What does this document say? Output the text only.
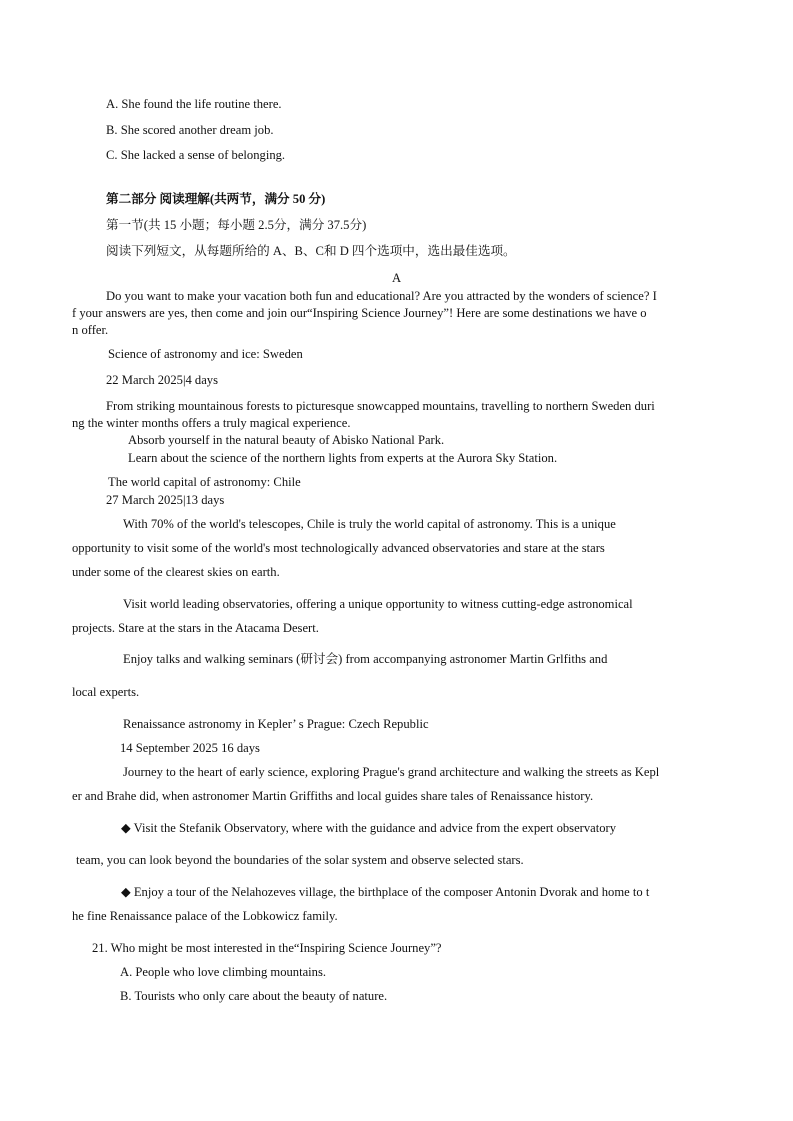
A. She found the life routine there.
B. She scored another dream job.
C. She lacked a sense of belonging.
第二部分 阅读理解(共两节，满分 50 分)
第一节(共 15 小题；每小题 2.5分，满分 37.5分)
阅读下列短文，从每题所给的 A、B、C和 D 四个选项中，选出最佳选项。
A
Do you want to make your vacation both fun and educational? Are you attracted by the wonders of science? I
f your answers are yes, then come and join our“Inspiring Science Journey”! Here are some destinations we have o
n offer.
Science of astronomy and ice: Sweden
22 March 2025|4 days
From striking mountainous forests to picturesque snowcapped mountains, travelling to northern Sweden duri
ng the winter months offers a truly magical experience.
Absorb yourself in the natural beauty of Abisko National Park.
Learn about the science of the northern lights from experts at the Aurora Sky Station.
The world capital of astronomy: Chile
27 March 2025|13 days
With 70% of the world's telescopes, Chile is truly the world capital of astronomy. This is a unique
opportunity to visit some of the world's most technologically advanced observatories and stare at the stars
under some of the clearest skies on earth.
Visit world leading observatories, offering a unique opportunity to witness cutting-edge astronomical
projects. Stare at the stars in the Atacama Desert.
Enjoy talks and walking seminars (研讨会) from accompanying astronomer Martin Grlfiths and
local experts.
Renaissance astronomy in Kepler’ s Prague: Czech Republic
14 September 2025 16 days
Journey to the heart of early science, exploring Prague's grand architecture and walking the streets as Kepl
er and Brahe did, when astronomer Martin Griffiths and local guides share tales of Renaissance history.
◆ Visit the Stefanik Observatory, where with the guidance and advice from the expert observatory
team, you can look beyond the boundaries of the solar system and observe selected stars.
◆ Enjoy a tour of the Nelahozeves village, the birthplace of the composer Antonin Dvorak and home to t
he fine Renaissance palace of the Lobkowicz family.
21. Who might be most interested in the“Inspiring Science Journey”?
A. People who love climbing mountains.
B. Tourists who only care about the beauty of nature.
